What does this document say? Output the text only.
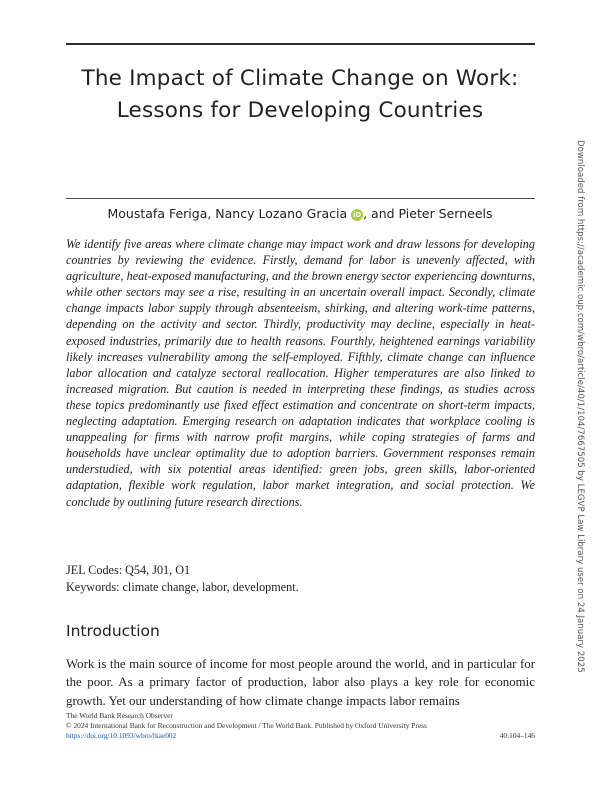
The Impact of Climate Change on Work:
Lessons for Developing Countries
Moustafa Feriga, Nancy Lozano Gracia iD , and Pieter Serneels
We identify five areas where climate change may impact work and draw lessons for developing countries by reviewing the evidence. Firstly, demand for labor is unevenly affected, with agriculture, heat-exposed manufacturing, and the brown energy sector experiencing downturns, while other sectors may see a rise, resulting in an uncertain overall impact. Secondly, climate change impacts labor supply through absenteeism, shirking, and altering work-time patterns, depending on the activity and sector. Thirdly, productivity may decline, especially in heat-exposed industries, primarily due to health reasons. Fourthly, heightened earnings variability likely increases vulnerability among the self-employed. Fifthly, climate change can influence labor allocation and catalyze sectoral reallocation. Higher temperatures are also linked to increased migration. But caution is needed in interpreting these findings, as studies across these topics predominantly use fixed effect estimation and concentrate on short-term impacts, neglecting adaptation. Emerging research on adaptation indicates that workplace cooling is unappealing for firms with narrow profit margins, while coping strategies of farms and households have unclear optimality due to adoption barriers. Government responses remain understudied, with six potential areas identified: green jobs, green skills, labor-oriented adaptation, flexible work regulation, labor market integration, and social protection. We conclude by outlining future research directions.
JEL Codes: Q54, J01, O1
Keywords: climate change, labor, development.
Introduction
Work is the main source of income for most people around the world, and in particular for the poor. As a primary factor of production, labor also plays a key role for economic growth. Yet our understanding of how climate change impacts labor remains
The World Bank Research Observer
© 2024 International Bank for Reconstruction and Development / The World Bank. Published by Oxford University Press
https://doi.org/10.1093/wbro/lkae002	40:104–146
Downloaded from https://academic.oup.com/wbro/article/40/1/104/7667505 by LEGVP Law Library user on 24 January 2025
